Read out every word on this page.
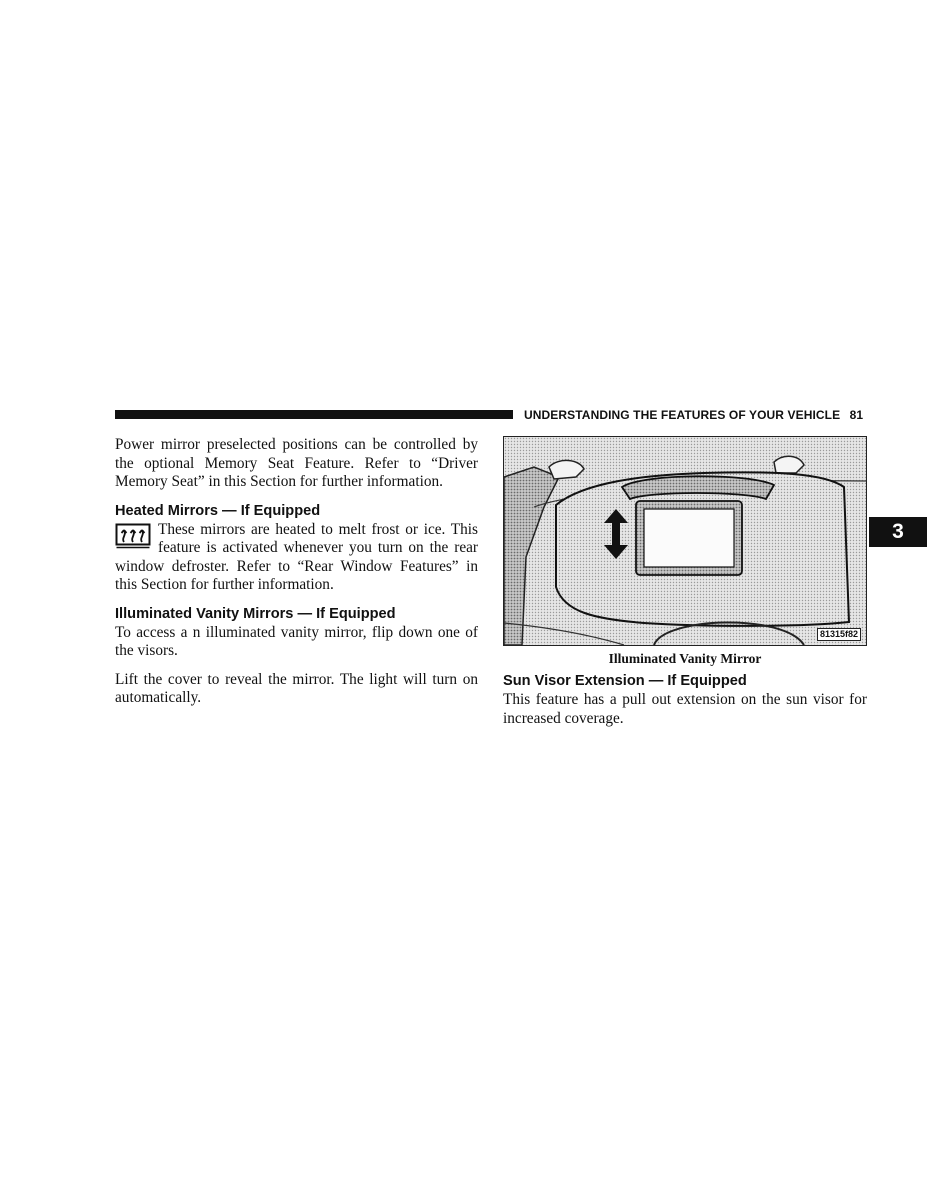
UNDERSTANDING THE FEATURES OF YOUR VEHICLE 81
3

Power mirror preselected positions can be controlled by the optional Memory Seat Feature. Refer to “Driver Memory Seat” in this Section for further information.

Heated Mirrors — If Equipped

These mirrors are heated to melt frost or ice. This feature is activated whenever you turn on the rear window defroster. Refer to “Rear Window Features” in this Section for further information.

Illuminated Vanity Mirrors — If Equipped

To access a n illuminated vanity mirror, flip down one of the visors.

Lift the cover to reveal the mirror. The light will turn on automatically.

81315f82
Illuminated Vanity Mirror
Sun Visor Extension — If Equipped

This feature has a pull out extension on the sun visor for increased coverage.
